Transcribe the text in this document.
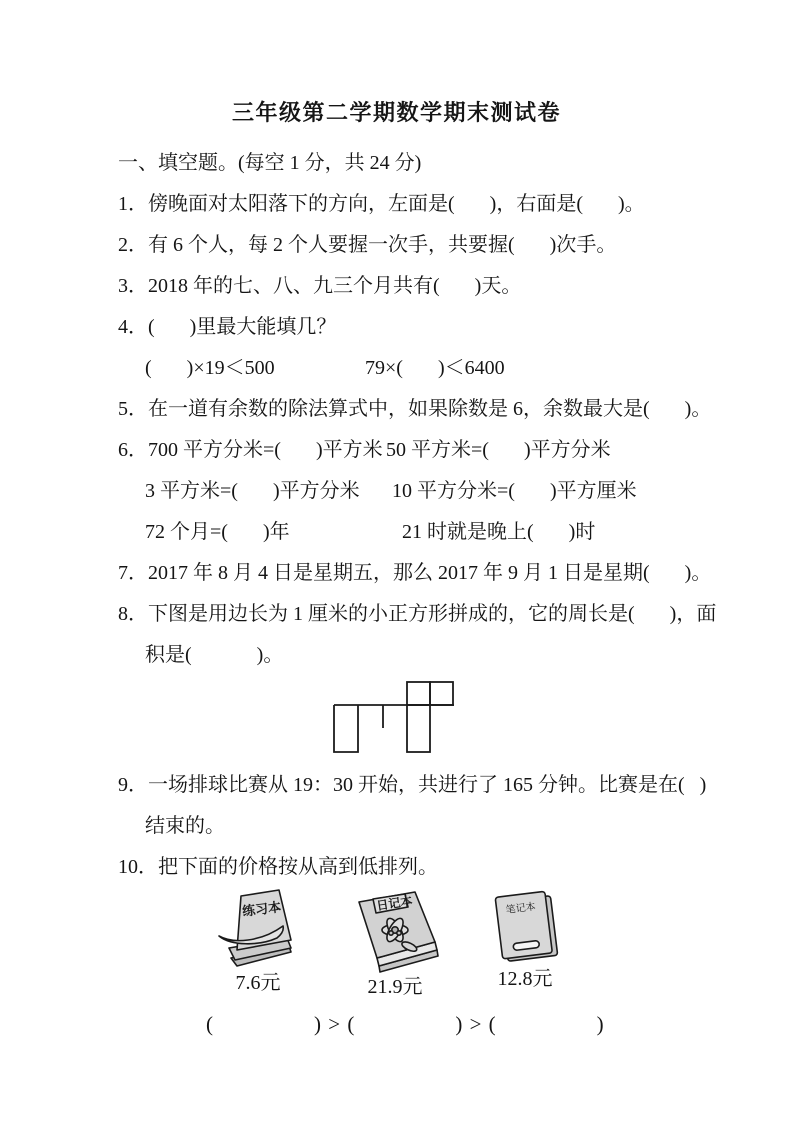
三年级第二学期数学期末测试卷
一、填空题。(每空 1 分，共 24 分)
1．傍晚面对太阳落下的方向，左面是(       )，右面是(       )。
2．有 6 个人，每 2 个人要握一次手，共要握(       )次手。
3．2018 年的七、八、九三个月共有(       )天。
4．(       )里最大能填几？
(       )×19＜500	79×(       )＜6400
5．在一道有余数的除法算式中，如果除数是 6，余数最大是(       )。
6． 700 平方分米=(       )平方米 50 平方米=(       )平方分米
3 平方米=(       )平方分米	10 平方分米=(       )平方厘米
72 个月=(       )年	21 时就是晚上(       )时
7．2017 年 8 月 4 日是星期五，那么 2017 年 9 月 1 日是星期(       )。
8．下图是用边长为 1 厘米的小正方形拼成的，它的周长是(       )，面
积是(             )。
9．一场排球比赛从 19：30 开始，共进行了 165 分钟。比赛是在(   )
结束的。
10．把下面的价格按从高到低排列。
练习本
7.6元
日记本
21.9元
笔记本
12.8元
(                ) > (                ) > (                )
